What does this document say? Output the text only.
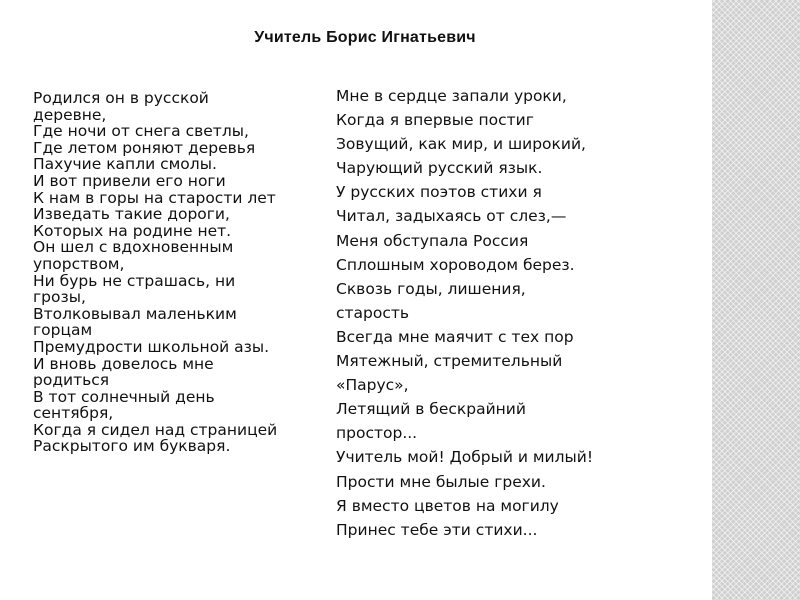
Учитель Борис Игнатьевич
Родился он в русской
деревне,
Где ночи от снега светлы,
Где летом роняют деревья
Пахучие капли смолы.
И вот привели его ноги
К нам в горы на старости лет
Изведать такие дороги,
Которых на родине нет.
Он шел с вдохновенным
упорством,
Ни бурь не страшась, ни
грозы,
Втолковывал маленьким
горцам
Премудрости школьной азы.
И вновь довелось мне
родиться
В тот солнечный день
сентября,
Когда я сидел над страницей
Раскрытого им букваря.
Мне в сердце запали уроки,
Когда я впервые постиг
Зовущий, как мир, и широкий,
Чарующий русский язык.
У русских поэтов стихи я
Читал, задыхаясь от слез,—
Меня обступала Россия
Сплошным хороводом берез.
Сквозь годы, лишения,
старость
Всегда мне маячит с тех пор
Мятежный, стремительный
«Парус»,
Летящий в бескрайний
простор...
Учитель мой! Добрый и милый!
Прости мне былые грехи.
Я вместо цветов на могилу
Принес тебе эти стихи...
